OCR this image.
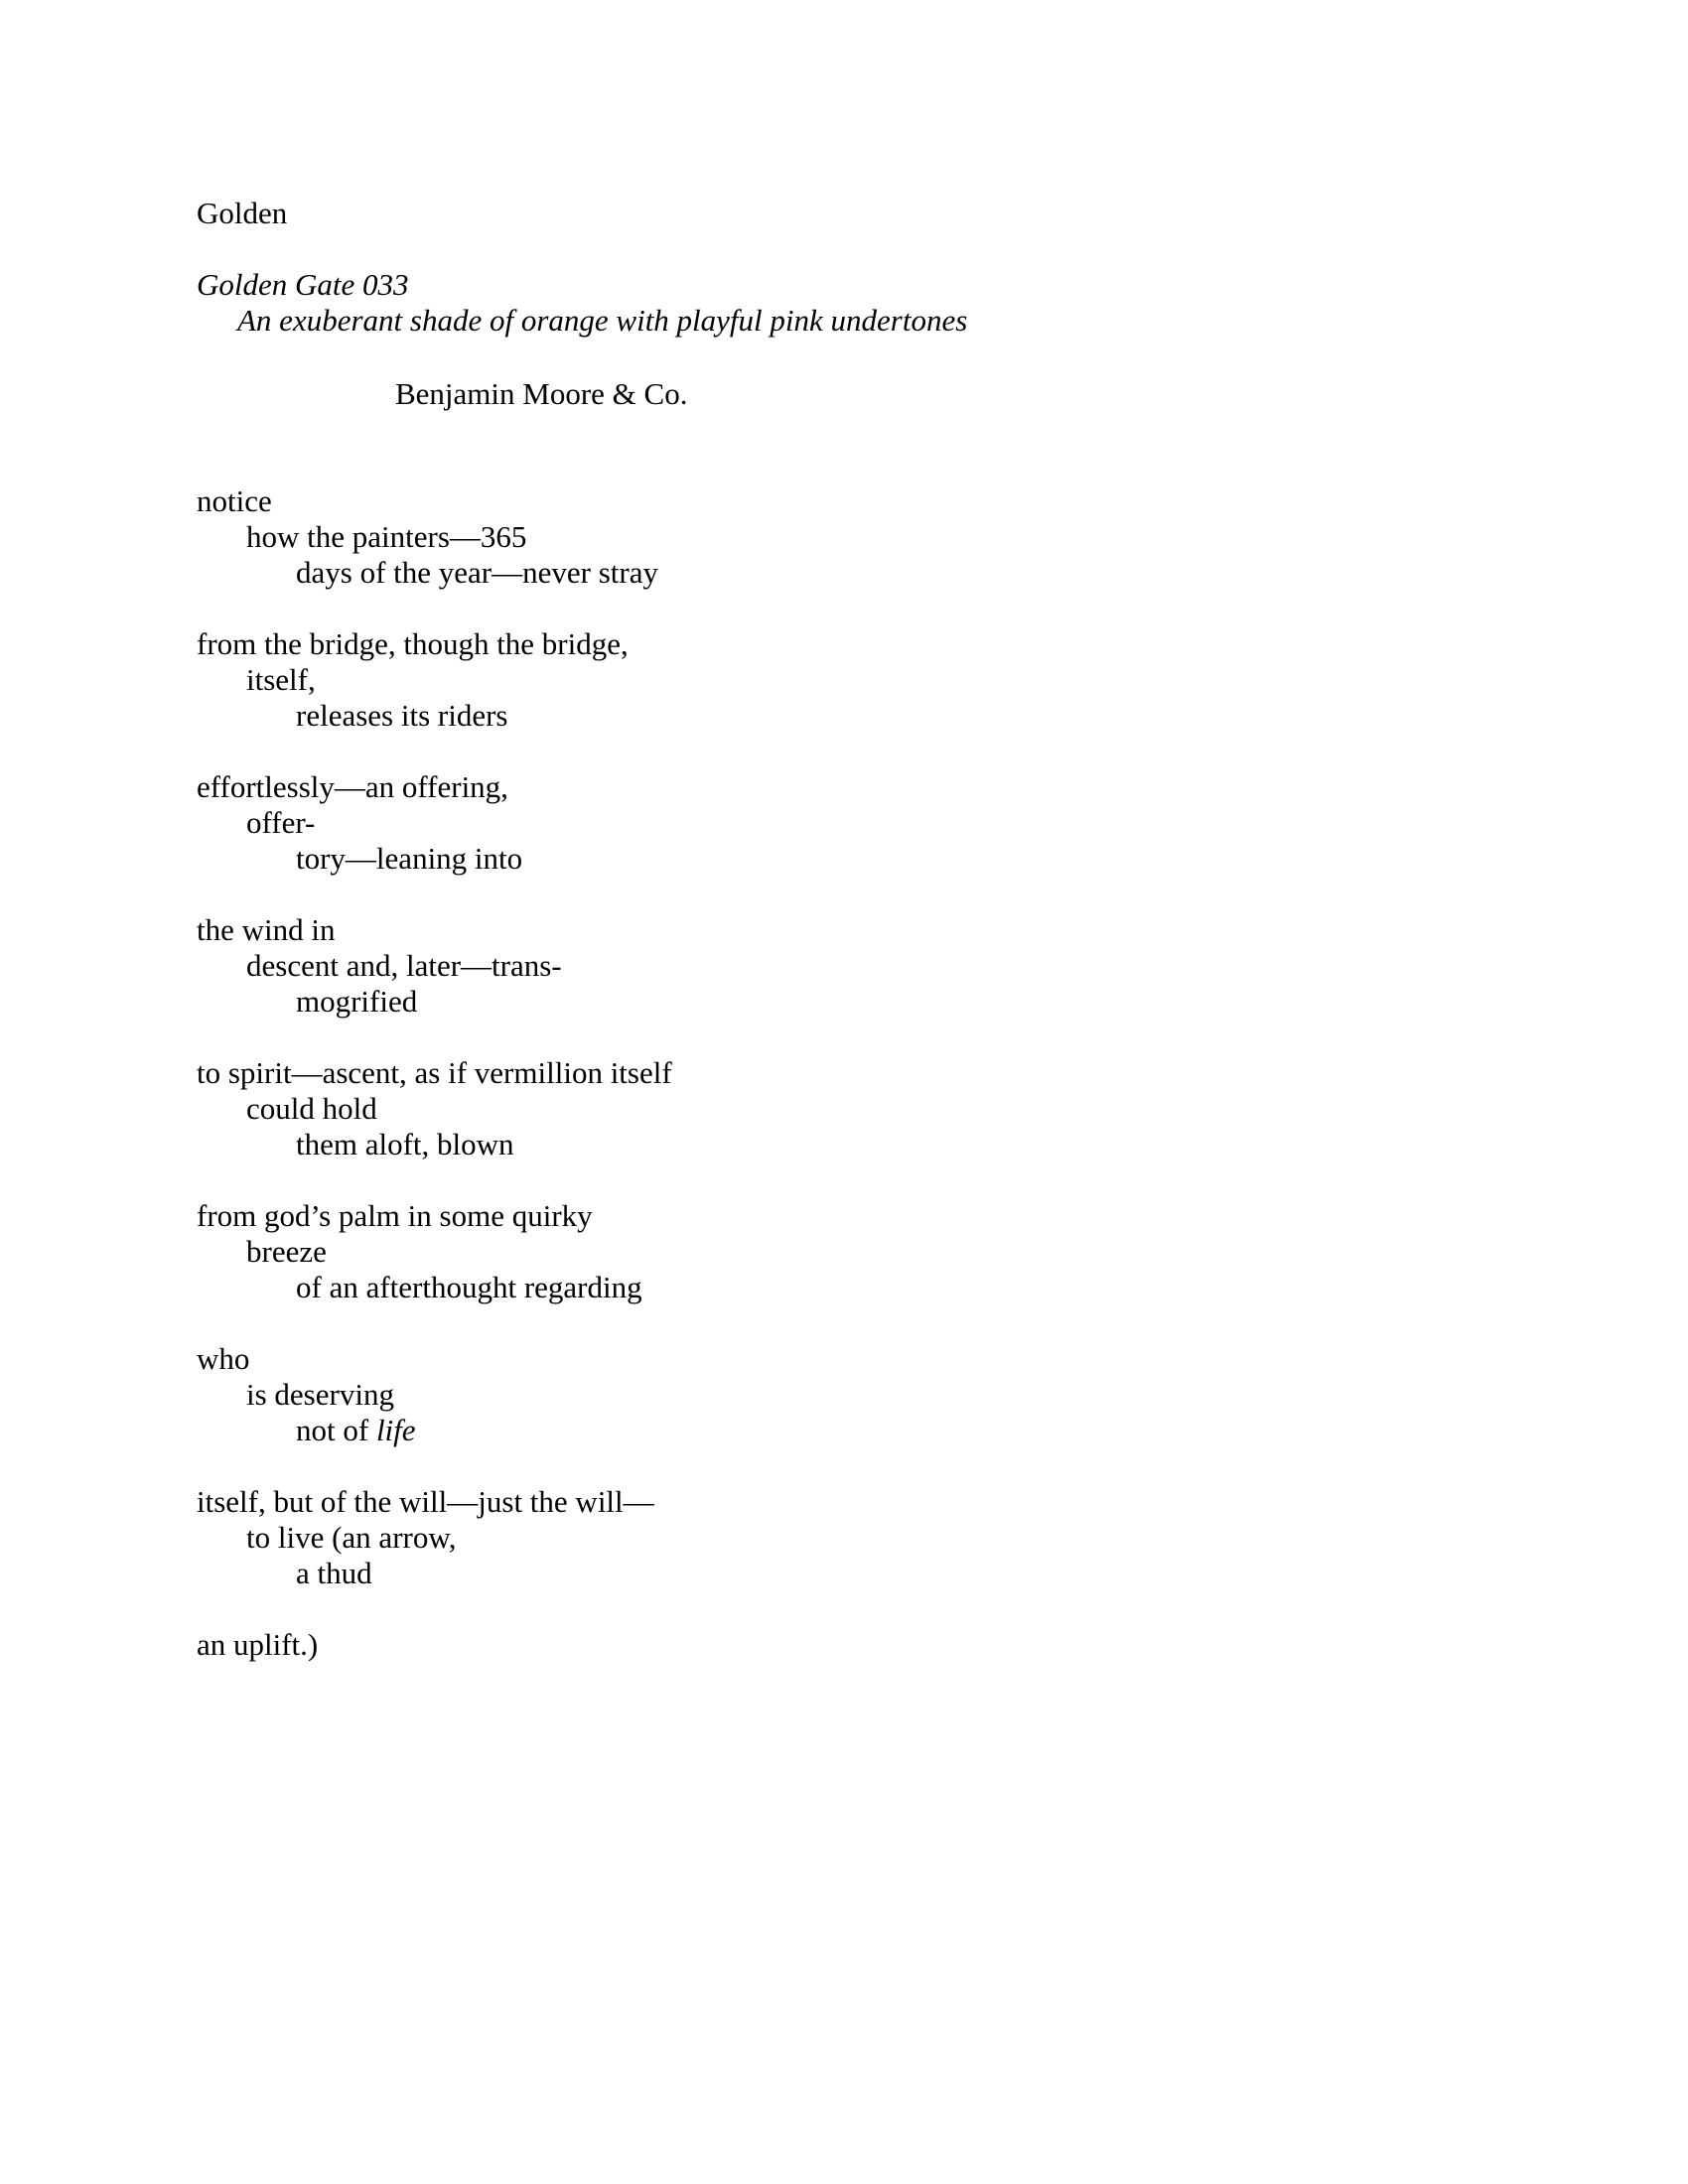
Golden
Golden Gate 033
An exuberant shade of orange with playful pink undertones
Benjamin Moore & Co.
notice
how the painters—365
days of the year—never stray
from the bridge, though the bridge,
itself,
releases its riders
effortlessly—an offering,
offer-
tory—leaning into
the wind in
descent and, later—trans-
mogrified
to spirit—ascent, as if vermillion itself
could hold
them aloft, blown
from god’s palm in some quirky
breeze
of an afterthought regarding
who
is deserving
not of life
itself, but of the will—just the will—
to live (an arrow,
a thud
an uplift.)
